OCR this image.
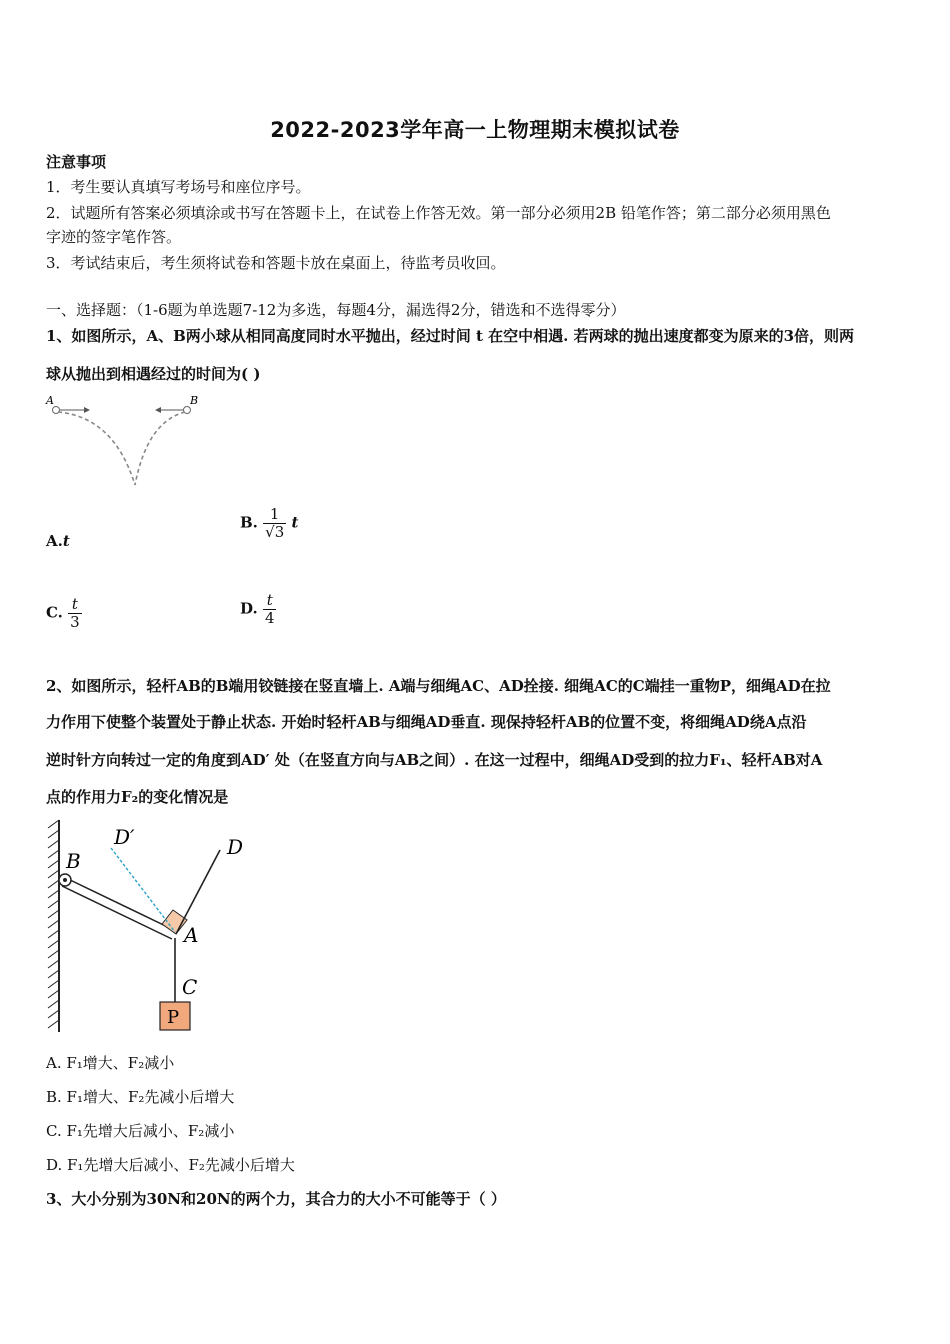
2022-2023学年高一上物理期末模拟试卷
注意事项
1．考生要认真填写考场号和座位序号。
2．试题所有答案必须填涂或书写在答题卡上，在试卷上作答无效。第一部分必须用2B 铅笔作答；第二部分必须用黑色
字迹的签字笔作答。
3．考试结束后，考生须将试卷和答题卡放在桌面上，待监考员收回。
一、选择题：（1-6题为单选题7-12为多选，每题4分，漏选得2分，错选和不选得零分）
1、如图所示，A、B两小球从相同高度同时水平抛出，经过时间 t 在空中相遇. 若两球的抛出速度都变为原来的3倍，则两
球从抛出到相遇经过的时间为( )
A	B
A.t
B. $\frac{1}{√3}$ t
C. $\frac{t}{3}$	D. $\frac{t}{4}$
2、如图所示，轻杆AB的B端用铰链接在竖直墙上. A端与细绳AC、AD拴接. 细绳AC的C端挂一重物P，细绳AD在拉
力作用下使整个装置处于静止状态. 开始时轻杆AB与细绳AD垂直. 现保持轻杆AB的位置不变，将细绳AD绕A点沿
逆时针方向转过一定的角度到AD′ 处（在竖直方向与AB之间）. 在这一过程中，细绳AD受到的拉力F₁、轻杆AB对A
点的作用力F₂的变化情况是
P
D′	D
B
A
C
A. F₁增大、F₂减小
B. F₁增大、F₂先减小后增大
C. F₁先增大后减小、F₂减小
D. F₁先增大后减小、F₂先减小后增大
3、大小分别为30N和20N的两个力，其合力的大小不可能等于（ ）
